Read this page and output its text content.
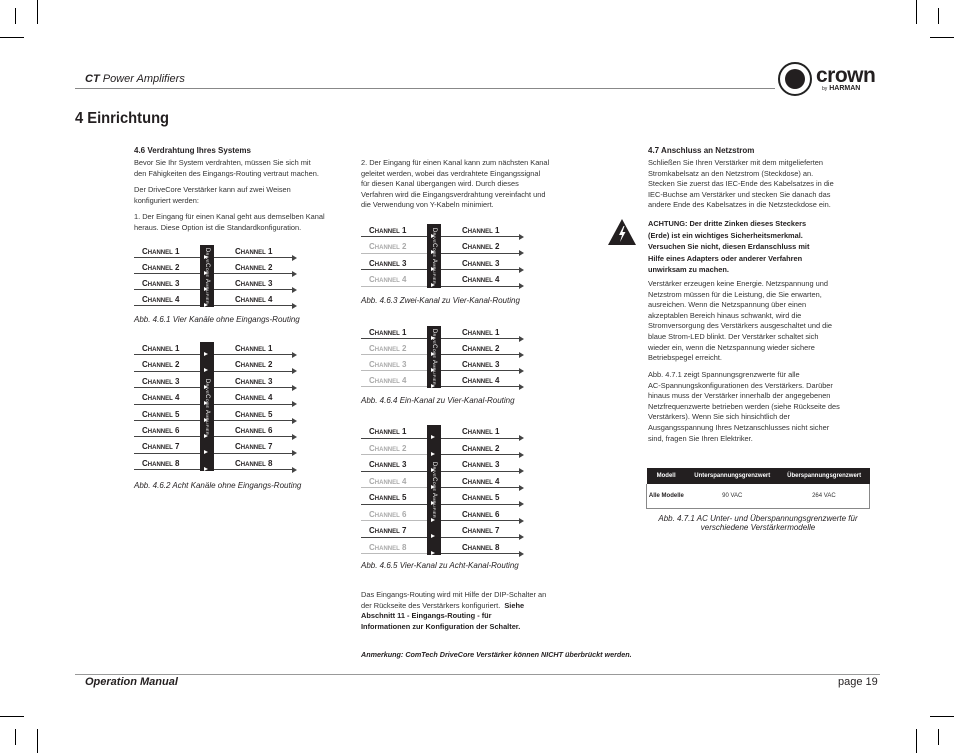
CT Power Amplifiers	crown
by HARMAN
4 Einrichtung
4.6 Verdrahtung Ihres Systems
Bevor Sie Ihr System verdrahten, müssen Sie sich mit
den Fähigkeiten des Eingangs-Routing vertraut machen.
Der DriveCore Verstärker kann auf zwei Weisen
konfiguriert werden:
1. Der Eingang für einen Kanal geht aus demselben Kanal
heraus. Diese Option ist die Standardkonfiguration.
2. Der Eingang für einen Kanal kann zum nächsten Kanal
geleitet werden, wobei das verdrahtete Eingangssignal
für diesen Kanal übergangen wird. Durch dieses
Verfahren wird die Eingangsverdrahtung vereinfacht und
die Verwendung von Y-Kabeln minimiert.
DriveCore Amplifier
Channel 1	Channel 1
Channel 2	Channel 2
Channel 3	Channel 3
Channel 4	Channel 4
DriveCore Amplifier
Channel 1	Channel 1
Channel 2	Channel 2
Channel 3	Channel 3
Channel 4	Channel 4
Channel 5	Channel 5
Channel 6	Channel 6
Channel 7	Channel 7
Channel 8	Channel 8
DriveCore Amplifier
Channel 1	Channel 1
Channel 2	Channel 2
Channel 3	Channel 3
Channel 4	Channel 4
DriveCore Amplifier
Channel 1	Channel 1
Channel 2	Channel 2
Channel 3	Channel 3
Channel 4	Channel 4
DriveCore Amplifier
Channel 1	Channel 1
Channel 2	Channel 2
Channel 3	Channel 3
Channel 4	Channel 4
Channel 5	Channel 5
Channel 6	Channel 6
Channel 7	Channel 7
Channel 8	Channel 8
Abb. 4.6.1 Vier Kanäle ohne Eingangs-Routing
Abb. 4.6.2 Acht Kanäle ohne Eingangs-Routing
Abb. 4.6.3 Zwei-Kanal zu Vier-Kanal-Routing
Abb. 4.6.4 Ein-Kanal zu Vier-Kanal-Routing
Abb. 4.6.5 Vier-Kanal zu Acht-Kanal-Routing
Das Eingangs-Routing wird mit Hilfe der DIP-Schalter an
der Rückseite des Verstärkers konfiguriert. Siehe
Abschnitt 11 - Eingangs-Routing - für
Informationen zur Konfiguration der Schalter.
Anmerkung: ComTech DriveCore Verstärker können NICHT überbrückt werden.
4.7 Anschluss an Netzstrom
Schließen Sie Ihren Verstärker mit dem mitgelieferten
Stromkabelsatz an den Netzstrom (Steckdose) an.
Stecken Sie zuerst das IEC-Ende des Kabelsatzes in die
IEC-Buchse am Verstärker und stecken Sie danach das
andere Ende des Kabelsatzes in die Netzsteckdose ein.
ACHTUNG: Der dritte Zinken dieses Steckers
(Erde) ist ein wichtiges Sicherheitsmerkmal.
Versuchen Sie nicht, diesen Erdanschluss mit
Hilfe eines Adapters oder anderer Verfahren
unwirksam zu machen.
Verstärker erzeugen keine Energie. Netzspannung und
Netzstrom müssen für die Leistung, die Sie erwarten,
ausreichen. Wenn die Netzspannung über einen
akzeptablen Bereich hinaus schwankt, wird die
Stromversorgung des Verstärkers ausgeschaltet und die
blaue Strom-LED blinkt. Der Verstärker schaltet sich
wieder ein, wenn die Netzspannung wieder sichere
Betriebspegel erreicht.
Abb. 4.7.1 zeigt Spannungsgrenzwerte für alle
AC-Spannungskonfigurationen des Verstärkers. Darüber
hinaus muss der Verstärker innerhalb der angegebenen
Netzfrequenzwerte betrieben werden (siehe Rückseite des
Verstärkers). Wenn Sie sich hinsichtlich der
Ausgangsspannung Ihres Netzanschlusses nicht sicher
sind, fragen Sie Ihren Elektriker.
Modell	Unterspannungsgrenzwert	Überspannungsgrenzwert
Alle Modelle	90 VAC	264 VAC
Abb. 4.7.1 AC Unter- und Überspannungsgrenzwerte für
verschiedene Verstärkermodelle
Operation Manual	page 19
